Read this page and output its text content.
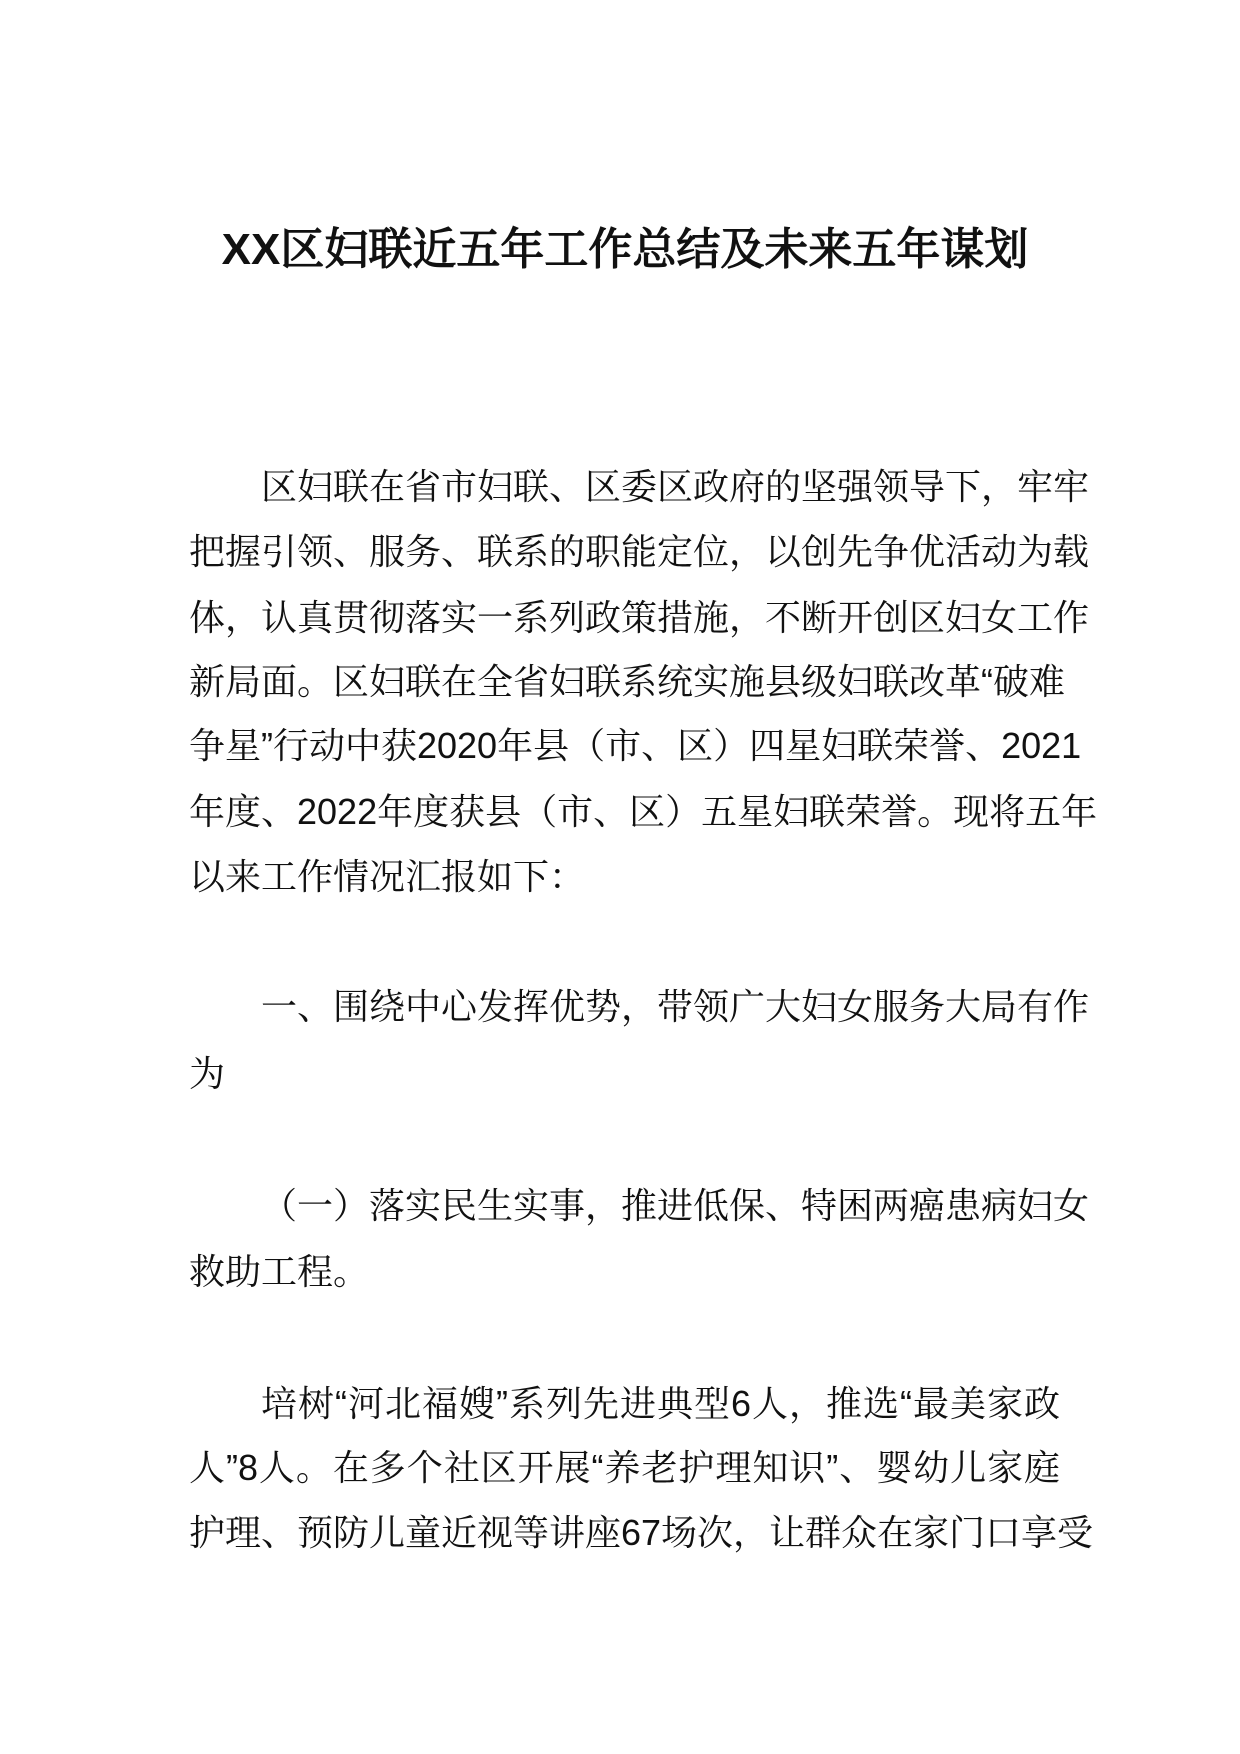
XX区妇联近五年工作总结及未来五年谋划
区妇联在省市妇联、区委区政府的坚强领导下，牢牢
把握引领、服务、联系的职能定位，以创先争优活动为载
体，认真贯彻落实一系列政策措施，不断开创区妇女工作
新局面。区妇联在全省妇联系统实施县级妇联改革“破难
争星”行动中获2020年县（市、区）四星妇联荣誉、2021
年度、2022年度获县（市、区）五星妇联荣誉。现将五年
以来工作情况汇报如下：
一、围绕中心发挥优势，带领广大妇女服务大局有作
为
（一）落实民生实事，推进低保、特困两癌患病妇女
救助工程。
培树“河北福嫂”系列先进典型6人，推选“最美家政
人”8人。在多个社区开展“养老护理知识”、婴幼儿家庭
护理、预防儿童近视等讲座67场次，让群众在家门口享受
